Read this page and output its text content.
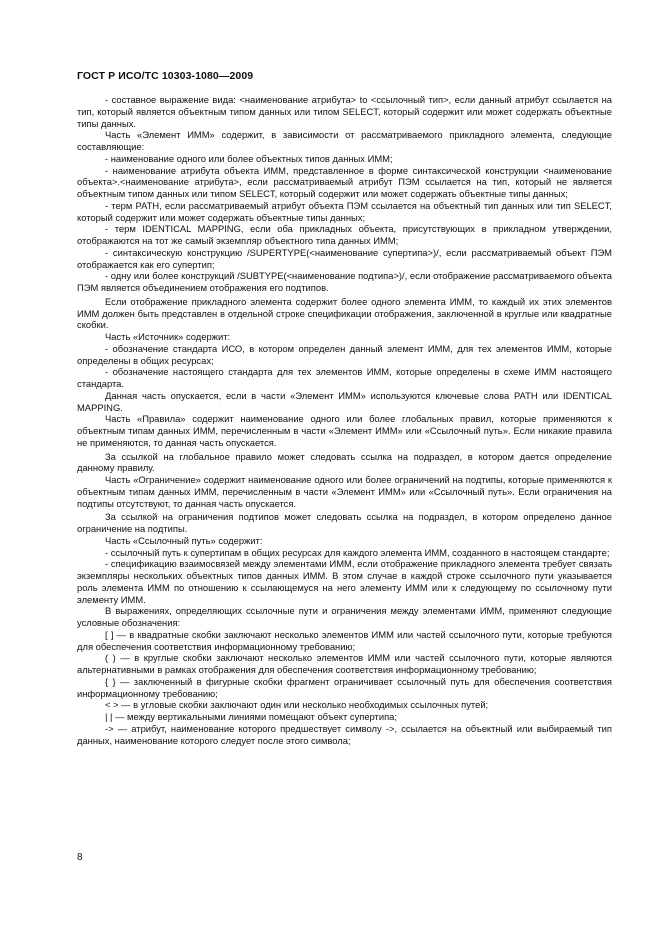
ГОСТ Р ИСО/ТС 10303-1080—2009

- составное выражение вида: <наименование атрибута> to <ссылочный тип>, если данный атрибут ссылается на тип, который является объектным типом данных или типом SELECT, который содержит или может содержать объектные типы данных.

Часть «Элемент ИММ» содержит, в зависимости от рассматриваемого прикладного элемента, следующие составляющие:

- наименование одного или более объектных типов данных ИММ;

- наименование атрибута объекта ИММ, представленное в форме синтаксической конструкции <наименование объекта>.<наименование атрибута>, если рассматриваемый атрибут ПЭМ ссылается на тип, который не является объектным типом данных или типом SELECT, который содержит или может содержать объектные типы данных;

- терм PATH, если рассматриваемый атрибут объекта ПЭМ ссылается на объектный тип данных или тип SELECT, который содержит или может содержать объектные типы данных;

- терм IDENTICAL MAPPING, если оба прикладных объекта, присутствующих в прикладном утверждении, отображаются на тот же самый экземпляр объектного типа данных ИММ;

- синтаксическую конструкцию /SUPERTYPE(<наименование супертипа>)/, если рассматриваемый объект ПЭМ отображается как его супертип;

- одну или более конструкций /SUBTYPE(<наименование подтипа>)/, если отображение рассматриваемого объекта ПЭМ является объединением отображения его подтипов.

Если отображение прикладного элемента содержит более одного элемента ИММ, то каждый их этих элементов ИММ должен быть представлен в отдельной строке спецификации отображения, заключенной в круглые или квадратные скобки.

Часть «Источник» содержит:

- обозначение стандарта ИСО, в котором определен данный элемент ИММ, для тех элементов ИММ, которые определены в общих ресурсах;

- обозначение настоящего стандарта для тех элементов ИММ, которые определены в схеме ИММ настоящего стандарта.

Данная часть опускается, если в части «Элемент ИММ» используются ключевые слова PATH или IDENTICAL MAPPING.

Часть «Правила» содержит наименование одного или более глобальных правил, которые применяются к объектным типам данных ИММ, перечисленным в части «Элемент ИММ» или «Ссылочный путь». Если никакие правила не применяются, то данная часть опускается.

За ссылкой на глобальное правило может следовать ссылка на подраздел, в котором дается определение данному правилу.

Часть «Ограничение» содержит наименование одного или более ограничений на подтипы, которые применяются к объектным типам данных ИММ, перечисленным в части «Элемент ИММ» или «Ссылочный путь». Если ограничения на подтипы отсутствуют, то данная часть опускается.

За ссылкой на ограничения подтипов может следовать ссылка на подраздел, в котором определено данное ограничение на подтипы.

Часть «Ссылочный путь» содержит:

- ссылочный путь к супертипам в общих ресурсах для каждого элемента ИММ, созданного в настоящем стандарте;

- спецификацию взаимосвязей между элементами ИММ, если отображение прикладного элемента требует связать экземпляры нескольких объектных типов данных ИММ. В этом случае в каждой строке ссылочного пути указывается роль элемента ИММ по отношению к ссылающемуся на него элементу ИММ или к следующему по ссылочному пути элементу ИММ.

В выражениях, определяющих ссылочные пути и ограничения между элементами ИММ, применяют следующие условные обозначения:

[ ] — в квадратные скобки заключают несколько элементов ИММ или частей ссылочного пути, которые требуются для обеспечения соответствия информационному требованию;

( ) — в круглые скобки заключают несколько элементов ИММ или частей ссылочного пути, которые являются альтернативными в рамках отображения для обеспечения соответствия информационному требованию;

{ } — заключенный в фигурные скобки фрагмент ограничивает ссылочный путь для обеспечения соответствия информационному требованию;

< > — в угловые скобки заключают один или несколько необходимых ссылочных путей;

| | — между вертикальными линиями помещают объект супертипа;

-> — атрибут, наименование которого предшествует символу ->, ссылается на объектный или выбираемый тип данных, наименование которого следует после этого символа;

8
